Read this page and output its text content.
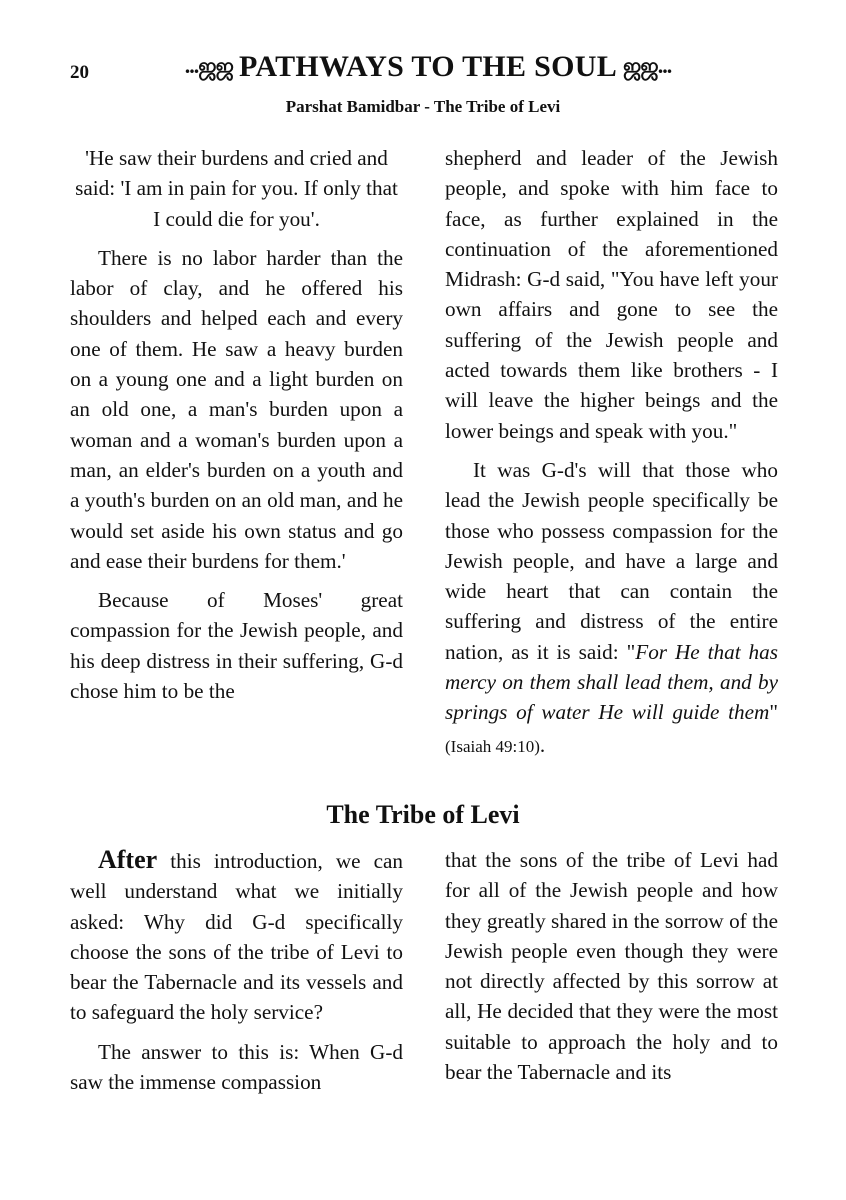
20	...ஜஜ PATHWAYS TO THE SOUL ஜஜ...
Parshat Bamidbar - The Tribe of Levi

'He saw their burdens and cried and said: 'I am in pain for you. If only that I could die for you'.

There is no labor harder than the labor of clay, and he offered his shoulders and helped each and every one of them. He saw a heavy burden on a young one and a light burden on an old one, a man's burden upon a woman and a woman's burden upon a man, an elder's burden on a youth and a youth's burden on an old man, and he would set aside his own status and go and ease their burdens for them.'

Because of Moses' great compassion for the Jewish people, and his deep distress in their suffering, G-d chose him to be the

shepherd and leader of the Jewish people, and spoke with him face to face, as further explained in the continuation of the aforementioned Midrash: G-d said, "You have left your own affairs and gone to see the suffering of the Jewish people and acted towards them like brothers - I will leave the higher beings and the lower beings and speak with you."

It was G-d's will that those who lead the Jewish people specifically be those who possess compassion for the Jewish people, and have a large and wide heart that can contain the suffering and distress of the entire nation, as it is said: "For He that has mercy on them shall lead them, and by springs of water He will guide them" (Isaiah 49:10).

The Tribe of Levi

After this introduction, we can well understand what we initially asked: Why did G-d specifically choose the sons of the tribe of Levi to bear the Tabernacle and its vessels and to safeguard the holy service?

The answer to this is: When G-d saw the immense compassion

that the sons of the tribe of Levi had for all of the Jewish people and how they greatly shared in the sorrow of the Jewish people even though they were not directly affected by this sorrow at all, He decided that they were the most suitable to approach the holy and to bear the Tabernacle and its
